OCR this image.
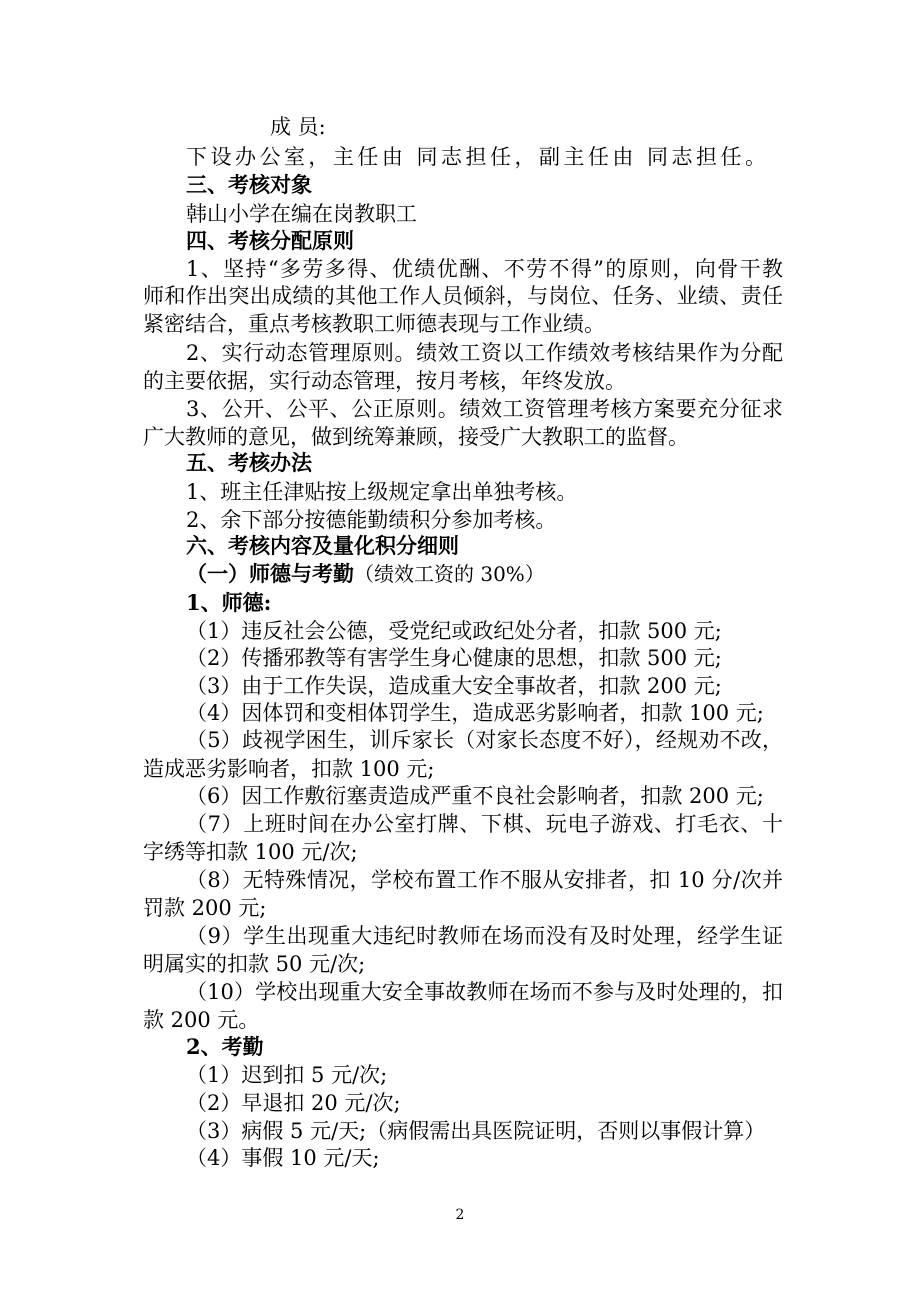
成 员:
下设办公室，主任由 同志担任，副主任由 同志担任。
三、考核对象
韩山小学在编在岗教职工
四、考核分配原则
1、坚持“多劳多得、优绩优酬、不劳不得”的原则，向骨干教
师和作出突出成绩的其他工作人员倾斜，与岗位、任务、业绩、责任
紧密结合，重点考核教职工师德表现与工作业绩。
2、实行动态管理原则。绩效工资以工作绩效考核结果作为分配
的主要依据，实行动态管理，按月考核，年终发放。
3、公开、公平、公正原则。绩效工资管理考核方案要充分征求
广大教师的意见，做到统筹兼顾，接受广大教职工的监督。
五、考核办法
1、班主任津贴按上级规定拿出单独考核。
2、余下部分按德能勤绩积分参加考核。
六、考核内容及量化积分细则
（一）师德与考勤（绩效工资的 30%）
1、师德:
（1）违反社会公德，受党纪或政纪处分者，扣款 500 元;
（2）传播邪教等有害学生身心健康的思想，扣款 500 元;
（3）由于工作失误，造成重大安全事故者，扣款 200 元;
（4）因体罚和变相体罚学生，造成恶劣影响者，扣款 100 元;
（5）歧视学困生，训斥家长（对家长态度不好），经规劝不改，
造成恶劣影响者，扣款 100 元;
（6）因工作敷衍塞责造成严重不良社会影响者，扣款 200 元;
（7）上班时间在办公室打牌、下棋、玩电子游戏、打毛衣、十
字绣等扣款 100 元/次;
（8）无特殊情况，学校布置工作不服从安排者，扣 10 分/次并
罚款 200 元;
（9）学生出现重大违纪时教师在场而没有及时处理，经学生证
明属实的扣款 50 元/次;
（10）学校出现重大安全事故教师在场而不参与及时处理的，扣
款 200 元。
2、考勤
（1）迟到扣 5 元/次;
（2）早退扣 20 元/次;
（3）病假 5 元/天;（病假需出具医院证明，否则以事假计算）
（4）事假 10 元/天;
2
